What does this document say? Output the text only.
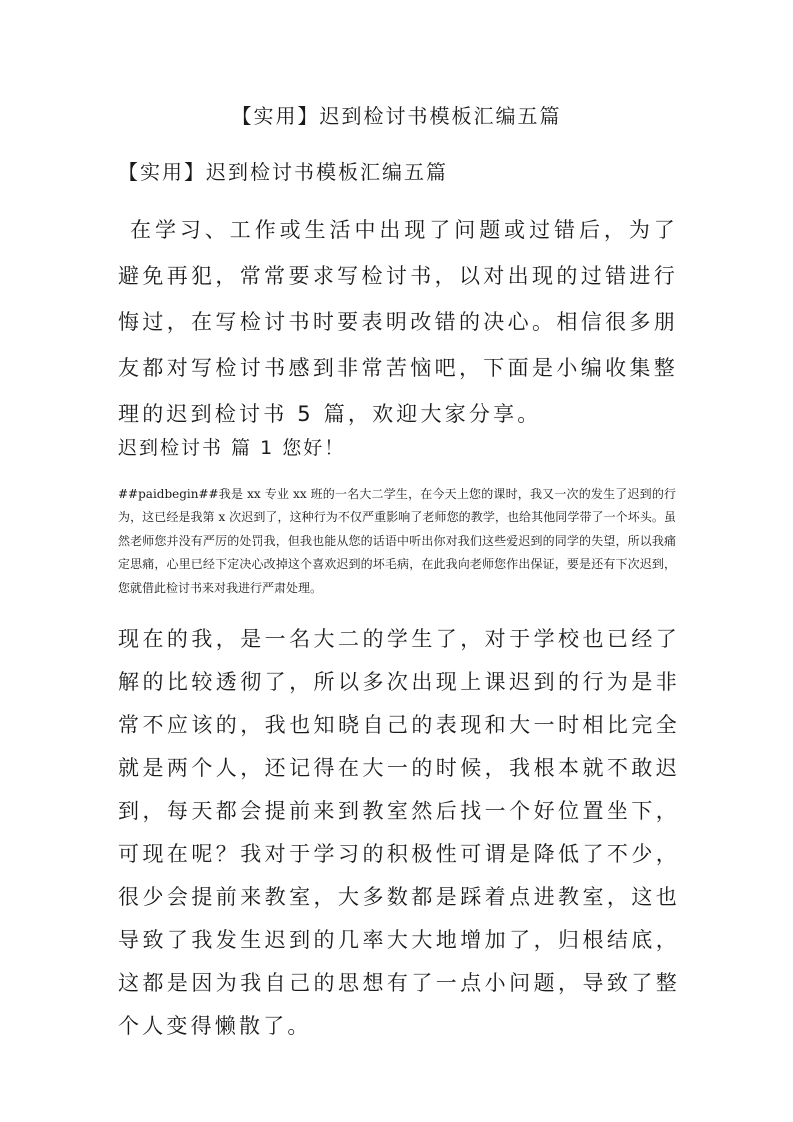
【实用】迟到检讨书模板汇编五篇
【实用】迟到检讨书模板汇编五篇

在学习、工作或生活中出现了问题或过错后，为了避免再犯，常常要求写检讨书，以对出现的过错进行悔过，在写检讨书时要表明改错的决心。相信很多朋友都对写检讨书感到非常苦恼吧，下面是小编收集整理的迟到检讨书 5 篇，欢迎大家分享。

迟到检讨书 篇 1 您好！

##paidbegin##我是 xx 专业 xx 班的一名大二学生，在今天上您的课时，我又一次的发生了迟到的行为，这已经是我第 x 次迟到了，这种行为不仅严重影响了老师您的教学，也给其他同学带了一个坏头。虽然老师您并没有严厉的处罚我，但我也能从您的话语中听出你对我们这些爱迟到的同学的失望，所以我痛定思痛，心里已经下定决心改掉这个喜欢迟到的坏毛病，在此我向老师您作出保证，要是还有下次迟到，您就借此检讨书来对我进行严肃处理。

现在的我，是一名大二的学生了，对于学校也已经了解的比较透彻了，所以多次出现上课迟到的行为是非常不应该的，我也知晓自己的表现和大一时相比完全就是两个人，还记得在大一的时候，我根本就不敢迟到，每天都会提前来到教室然后找一个好位置坐下，可现在呢？我对于学习的积极性可谓是降低了不少，很少会提前来教室，大多数都是踩着点进教室，这也导致了我发生迟到的几率大大地增加了，归根结底，这都是因为我自己的思想有了一点小问题，导致了整个人变得懒散了。
